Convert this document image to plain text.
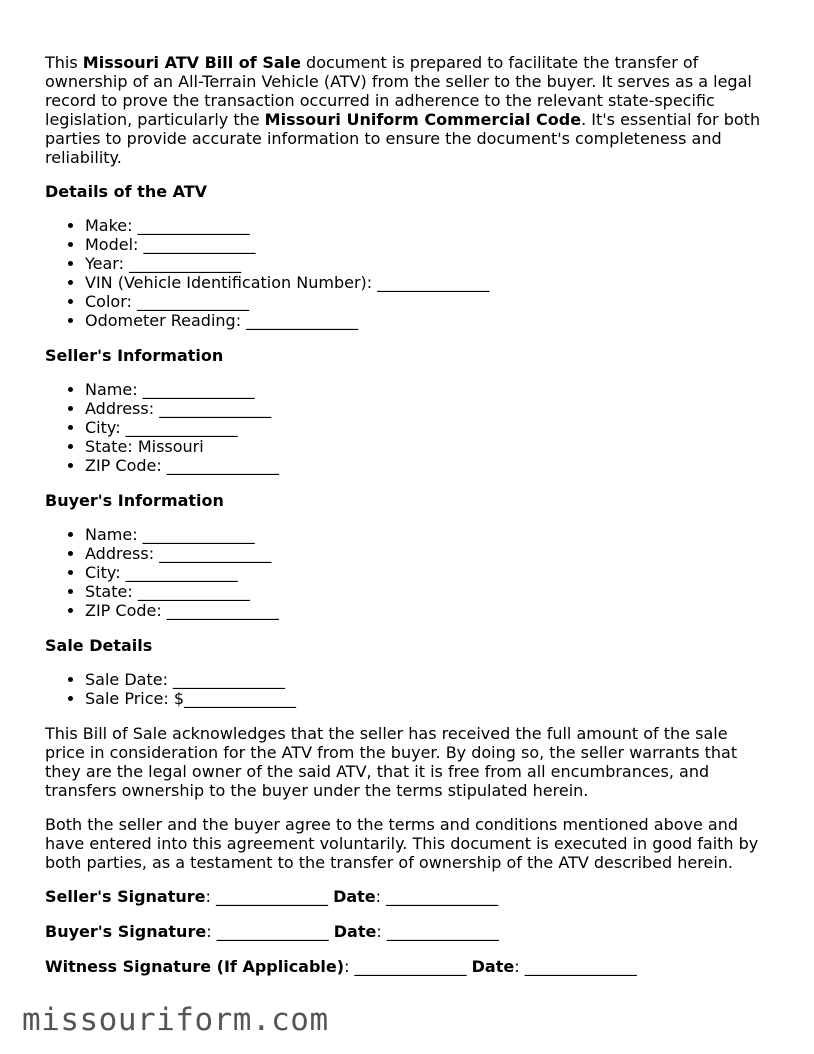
This Missouri ATV Bill of Sale document is prepared to facilitate the transfer of ownership of an All-Terrain Vehicle (ATV) from the seller to the buyer. It serves as a legal record to prove the transaction occurred in adherence to the relevant state-specific legislation, particularly the Missouri Uniform Commercial Code. It's essential for both parties to provide accurate information to ensure the document's completeness and reliability.

Details of the ATV
• Make: ______________
• Model: ______________
• Year: ______________
• VIN (Vehicle Identification Number): ______________
• Color: ______________
• Odometer Reading: ______________
Seller's Information
• Name: ______________
• Address: ______________
• City: ______________
• State: Missouri
• ZIP Code: ______________
Buyer's Information
• Name: ______________
• Address: ______________
• City: ______________
• State: ______________
• ZIP Code: ______________
Sale Details
• Sale Date: ______________
• Sale Price: $______________

This Bill of Sale acknowledges that the seller has received the full amount of the sale price in consideration for the ATV from the buyer. By doing so, the seller warrants that they are the legal owner of the said ATV, that it is free from all encumbrances, and transfers ownership to the buyer under the terms stipulated herein.

Both the seller and the buyer agree to the terms and conditions mentioned above and have entered into this agreement voluntarily. This document is executed in good faith by both parties, as a testament to the transfer of ownership of the ATV described herein.

Seller's Signature: ______________ Date: ______________

Buyer's Signature: ______________ Date: ______________

Witness Signature (If Applicable): ______________ Date: ______________

missouriform.com
